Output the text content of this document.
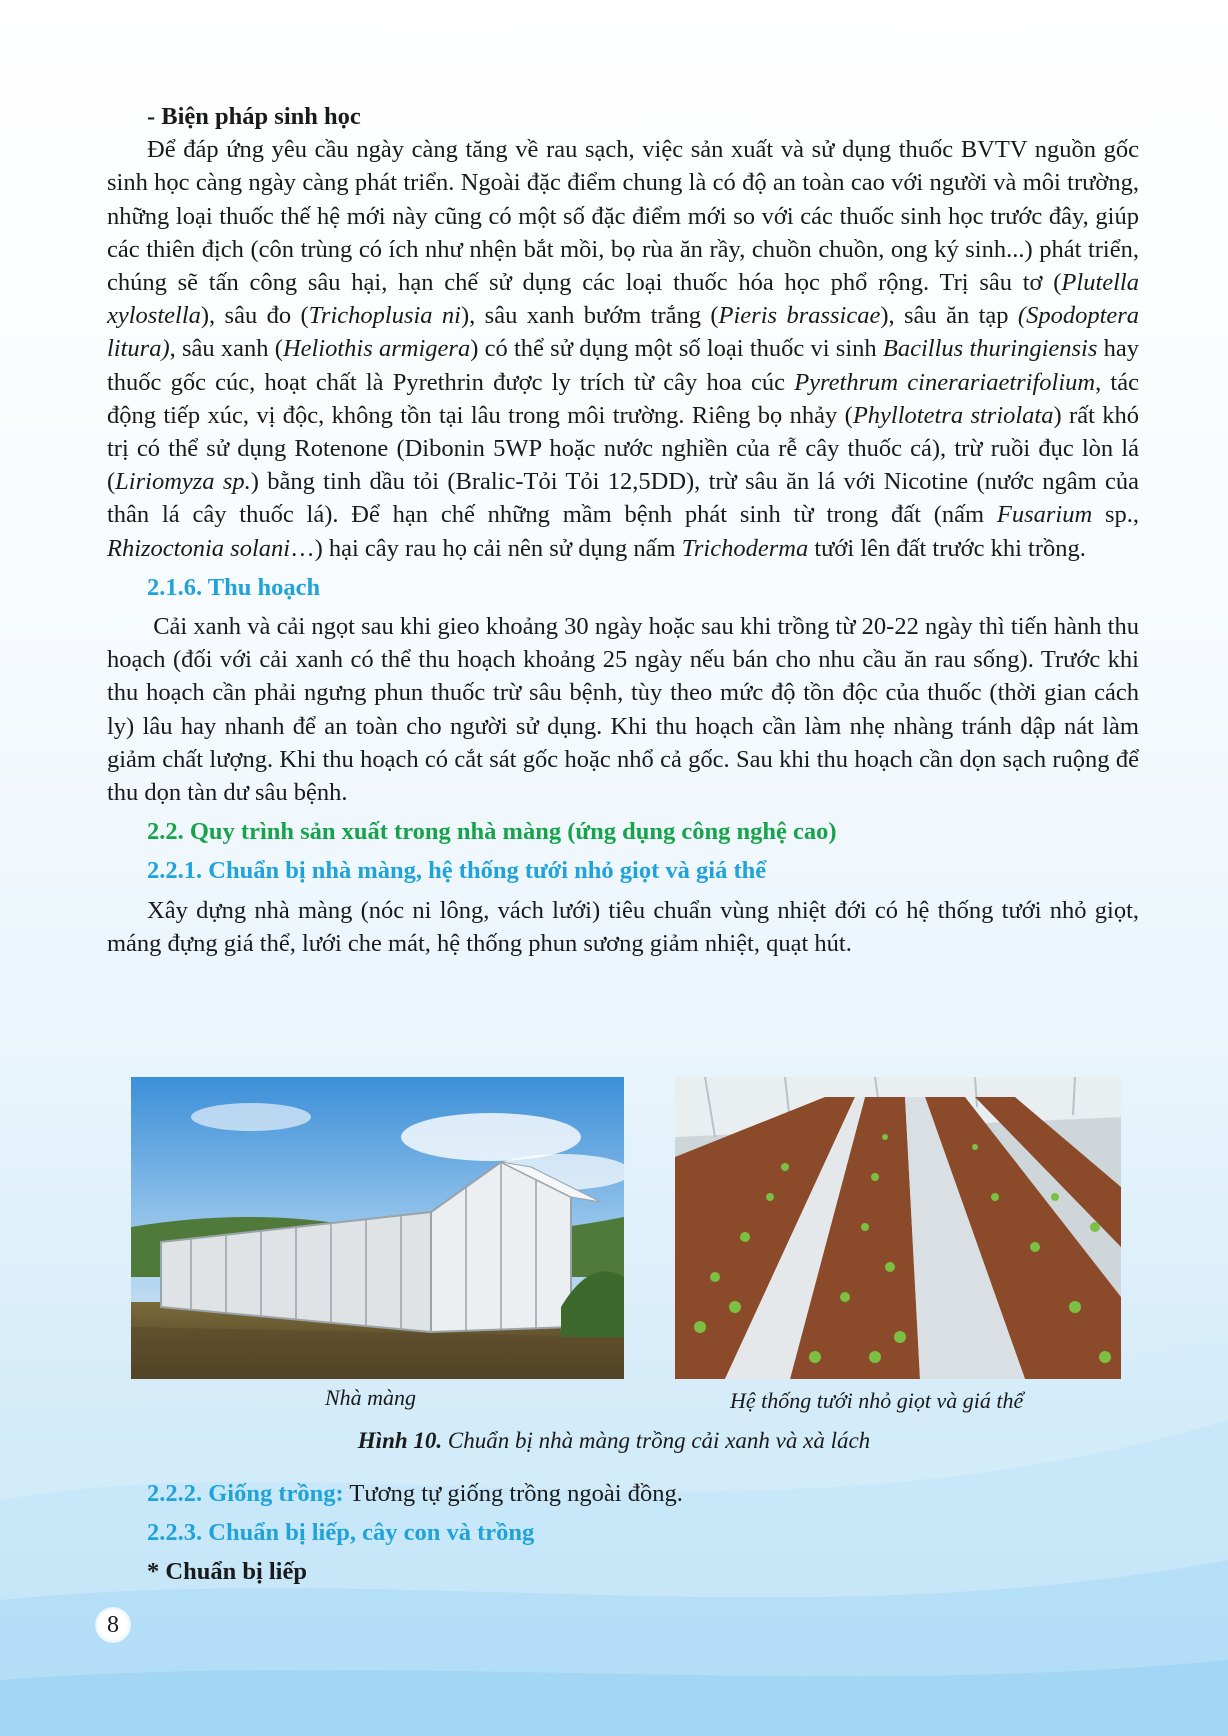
- Biện pháp sinh học

Để đáp ứng yêu cầu ngày càng tăng về rau sạch, việc sản xuất và sử dụng thuốc BVTV nguồn gốc sinh học càng ngày càng phát triển. Ngoài đặc điểm chung là có độ an toàn cao với người và môi trường, những loại thuốc thế hệ mới này cũng có một số đặc điểm mới so với các thuốc sinh học trước đây, giúp các thiên địch (côn trùng có ích như nhện bắt mồi, bọ rùa ăn rầy, chuồn chuồn, ong ký sinh...) phát triển, chúng sẽ tấn công sâu hại, hạn chế sử dụng các loại thuốc hóa học phổ rộng. Trị sâu tơ (Plutella xylostella), sâu đo (Trichoplusia ni), sâu xanh bướm trắng (Pieris brassicae), sâu ăn tạp (Spodoptera litura), sâu xanh (Heliothis armigera) có thể sử dụng một số loại thuốc vi sinh Bacillus thuringiensis hay thuốc gốc cúc, hoạt chất là Pyrethrin được ly trích từ cây hoa cúc Pyrethrum cinerariaetrifolium, tác động tiếp xúc, vị độc, không tồn tại lâu trong môi trường. Riêng bọ nhảy (Phyllotetra striolata) rất khó trị có thể sử dụng Rotenone (Dibonin 5WP hoặc nước nghiền của rễ cây thuốc cá), trừ ruồi đục lòn lá (Liriomyza sp.) bằng tinh dầu tỏi (Bralic-Tỏi Tỏi 12,5DD), trừ sâu ăn lá với Nicotine (nước ngâm của thân lá cây thuốc lá). Để hạn chế những mầm bệnh phát sinh từ trong đất (nấm Fusarium sp., Rhizoctonia solani…) hại cây rau họ cải nên sử dụng nấm Trichoderma tưới lên đất trước khi trồng.

2.1.6. Thu hoạch

Cải xanh và cải ngọt sau khi gieo khoảng 30 ngày hoặc sau khi trồng từ 20-22 ngày thì tiến hành thu hoạch (đối với cải xanh có thể thu hoạch khoảng 25 ngày nếu bán cho nhu cầu ăn rau sống). Trước khi thu hoạch cần phải ngưng phun thuốc trừ sâu bệnh, tùy theo mức độ tồn độc của thuốc (thời gian cách ly) lâu hay nhanh để an toàn cho người sử dụng. Khi thu hoạch cần làm nhẹ nhàng tránh dập nát làm giảm chất lượng. Khi thu hoạch có cắt sát gốc hoặc nhổ cả gốc. Sau khi thu hoạch cần dọn sạch ruộng để thu dọn tàn dư sâu bệnh.

2.2. Quy trình sản xuất trong nhà màng (ứng dụng công nghệ cao)

2.2.1. Chuẩn bị nhà màng, hệ thống tưới nhỏ giọt và giá thể

Xây dựng nhà màng (nóc ni lông, vách lưới) tiêu chuẩn vùng nhiệt đới có hệ thống tưới nhỏ giọt, máng đựng giá thể, lưới che mát, hệ thống phun sương giảm nhiệt, quạt hút.

Nhà màng	Hệ thống tưới nhỏ giọt và giá thể
Hình 10. Chuẩn bị nhà màng trồng cải xanh và xà lách

2.2.2. Giống trồng: Tương tự giống trồng ngoài đồng.

2.2.3. Chuẩn bị liếp, cây con và trồng

* Chuẩn bị liếp

8
